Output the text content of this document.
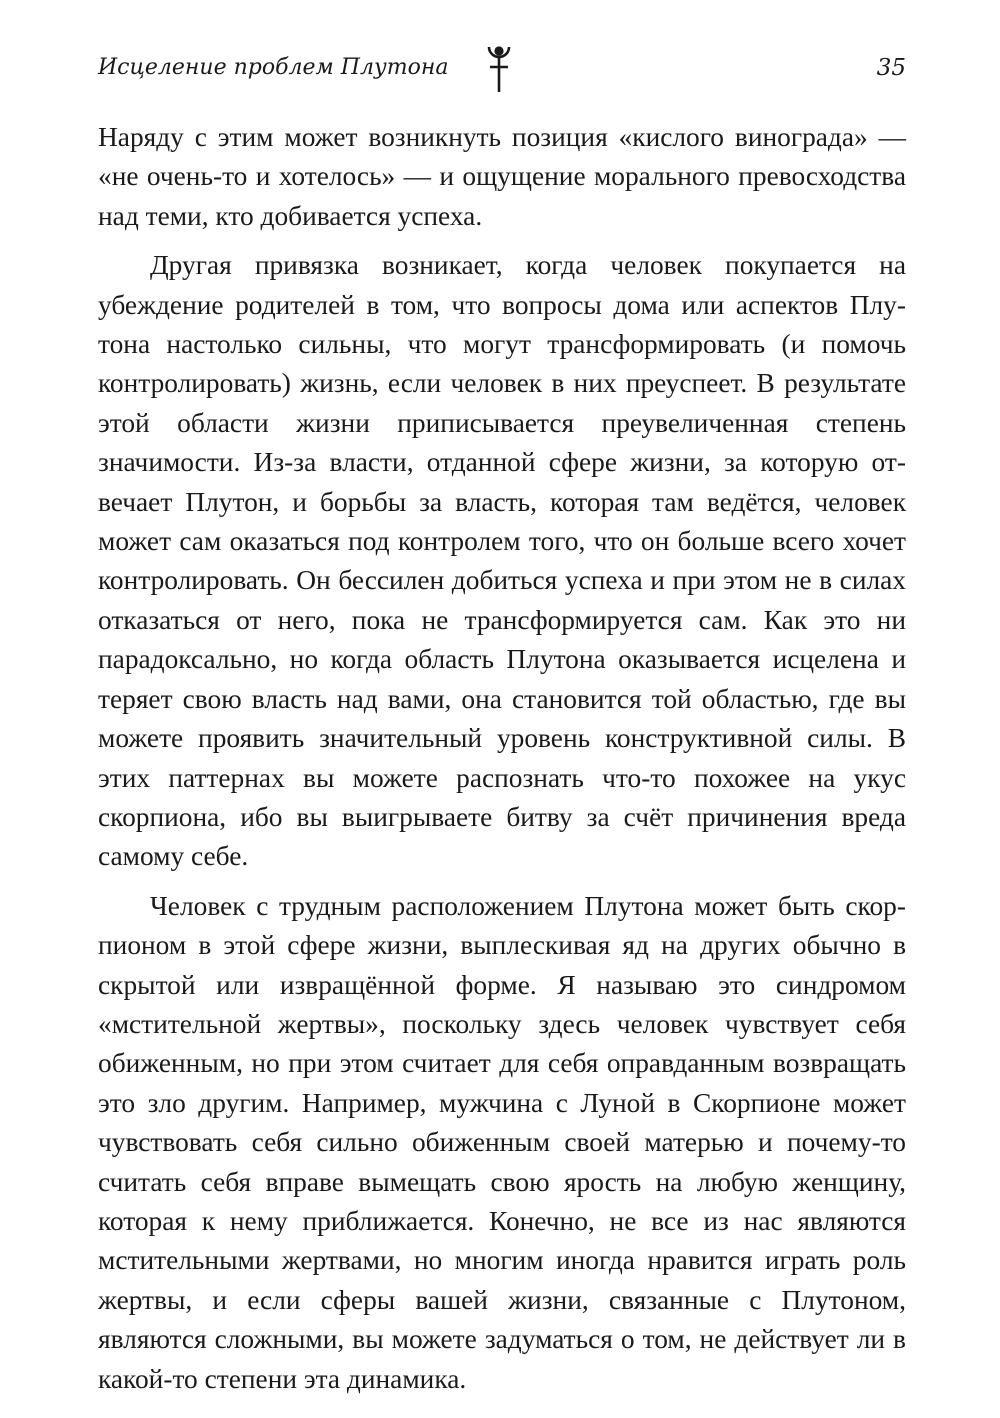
Исцеление проблем Плутона	35

Наряду с этим может возникнуть позиция «кислого винограда» — «не очень-то и хотелось» — и ощущение морального превосходства над теми, кто добивается успеха.

Другая привязка возникает, когда человек покупается на убеждение родителей в том, что вопросы дома или аспектов Плутона настолько сильны, что могут трансформировать (и помочь контролировать) жизнь, если человек в них преуспеет. В результате этой области жизни приписывается преувеличенная степень значимости. Из-за власти, отданной сфере жизни, за которую отвечает Плутон, и борьбы за власть, которая там ведётся, человек может сам оказаться под контролем того, что он больше всего хочет контролировать. Он бессилен добиться успеха и при этом не в силах отказаться от него, пока не трансформируется сам. Как это ни парадоксально, но когда область Плутона оказывается исцелена и теряет свою власть над вами, она становится той областью, где вы можете проявить значительный уровень конструктивной силы. В этих паттернах вы можете распознать что-то похожее на укус скорпиона, ибо вы выигрываете битву за счёт причинения вреда самому себе.

Человек с трудным расположением Плутона может быть скорпионом в этой сфере жизни, выплескивая яд на других обычно в скрытой или извращённой форме. Я называю это синдромом «мстительной жертвы», поскольку здесь человек чувствует себя обиженным, но при этом считает для себя оправданным возвращать это зло другим. Например, мужчина с Луной в Скорпионе может чувствовать себя сильно обиженным своей матерью и почему-то считать себя вправе вымещать свою ярость на любую женщину, которая к нему приближается. Конечно, не все из нас являются мстительными жертвами, но многим иногда нравится играть роль жертвы, и если сферы вашей жизни, связанные с Плутоном, являются сложными, вы можете задуматься о том, не действует ли в какой-то степени эта динамика.
